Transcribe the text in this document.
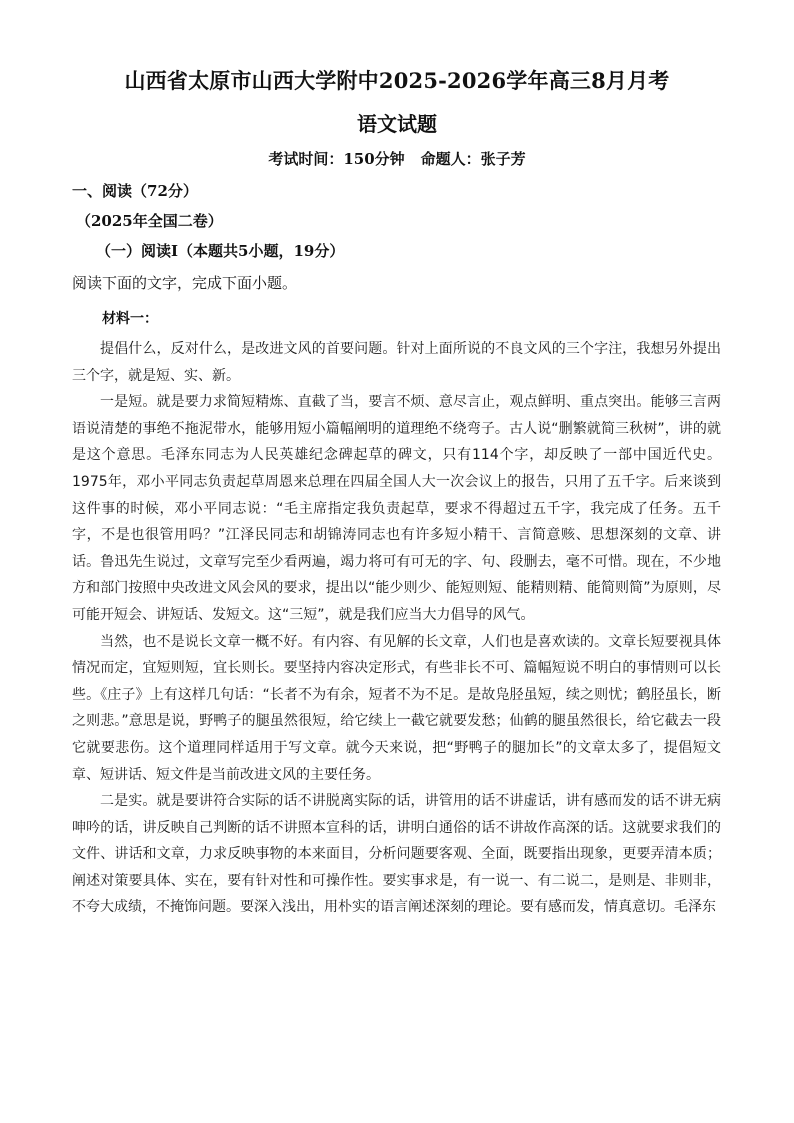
山西省太原市山西大学附中2025-2026学年高三8月月考
语文试题
考试时间：150分钟 命题人：张子芳
一、阅读（72分）
（2025年全国二卷）
（一）阅读Ⅰ（本题共5小题，19分）
阅读下面的文字，完成下面小题。
材料一：

提倡什么，反对什么，是改进文风的首要问题。针对上面所说的不良文风的三个字注，我想另外提出三个字，就是短、实、新。

一是短。就是要力求简短精炼、直截了当，要言不烦、意尽言止，观点鲜明、重点突出。能够三言两语说清楚的事绝不拖泥带水，能够用短小篇幅阐明的道理绝不绕弯子。古人说“删繁就简三秋树”，讲的就是这个意思。毛泽东同志为人民英雄纪念碑起草的碑文，只有114个字，却反映了一部中国近代史。1975年，邓小平同志负责起草周恩来总理在四届全国人大一次会议上的报告，只用了五千字。后来谈到这件事的时候，邓小平同志说：“毛主席指定我负责起草，要求不得超过五千字，我完成了任务。五千字，不是也很管用吗？”江泽民同志和胡锦涛同志也有许多短小精干、言简意赅、思想深刻的文章、讲话。鲁迅先生说过，文章写完至少看两遍，竭力将可有可无的字、句、段删去，毫不可惜。现在，不少地方和部门按照中央改进文风会风的要求，提出以“能少则少、能短则短、能精则精、能简则简”为原则，尽可能开短会、讲短话、发短文。这“三短”，就是我们应当大力倡导的风气。

当然，也不是说长文章一概不好。有内容、有见解的长文章，人们也是喜欢读的。文章长短要视具体情况而定，宜短则短，宜长则长。要坚持内容决定形式，有些非长不可、篇幅短说不明白的事情则可以长些。《庄子》上有这样几句话：“长者不为有余，短者不为不足。是故凫胫虽短，续之则忧；鹤胫虽长，断之则悲。”意思是说，野鸭子的腿虽然很短，给它续上一截它就要发愁；仙鹤的腿虽然很长，给它截去一段它就要悲伤。这个道理同样适用于写文章。就今天来说，把“野鸭子的腿加长”的文章太多了，提倡短文章、短讲话、短文件是当前改进文风的主要任务。

二是实。就是要讲符合实际的话不讲脱离实际的话，讲管用的话不讲虚话，讲有感而发的话不讲无病呻吟的话，讲反映自己判断的话不讲照本宣科的话，讲明白通俗的话不讲故作高深的话。这就要求我们的文件、讲话和文章，力求反映事物的本来面目，分析问题要客观、全面，既要指出现象，更要弄清本质；阐述对策要具体、实在，要有针对性和可操作性。要实事求是，有一说一、有二说二，是则是、非则非，不夸大成绩，不掩饰问题。要深入浅出，用朴实的语言阐述深刻的理论。要有感而发，情真意切。毛泽东
